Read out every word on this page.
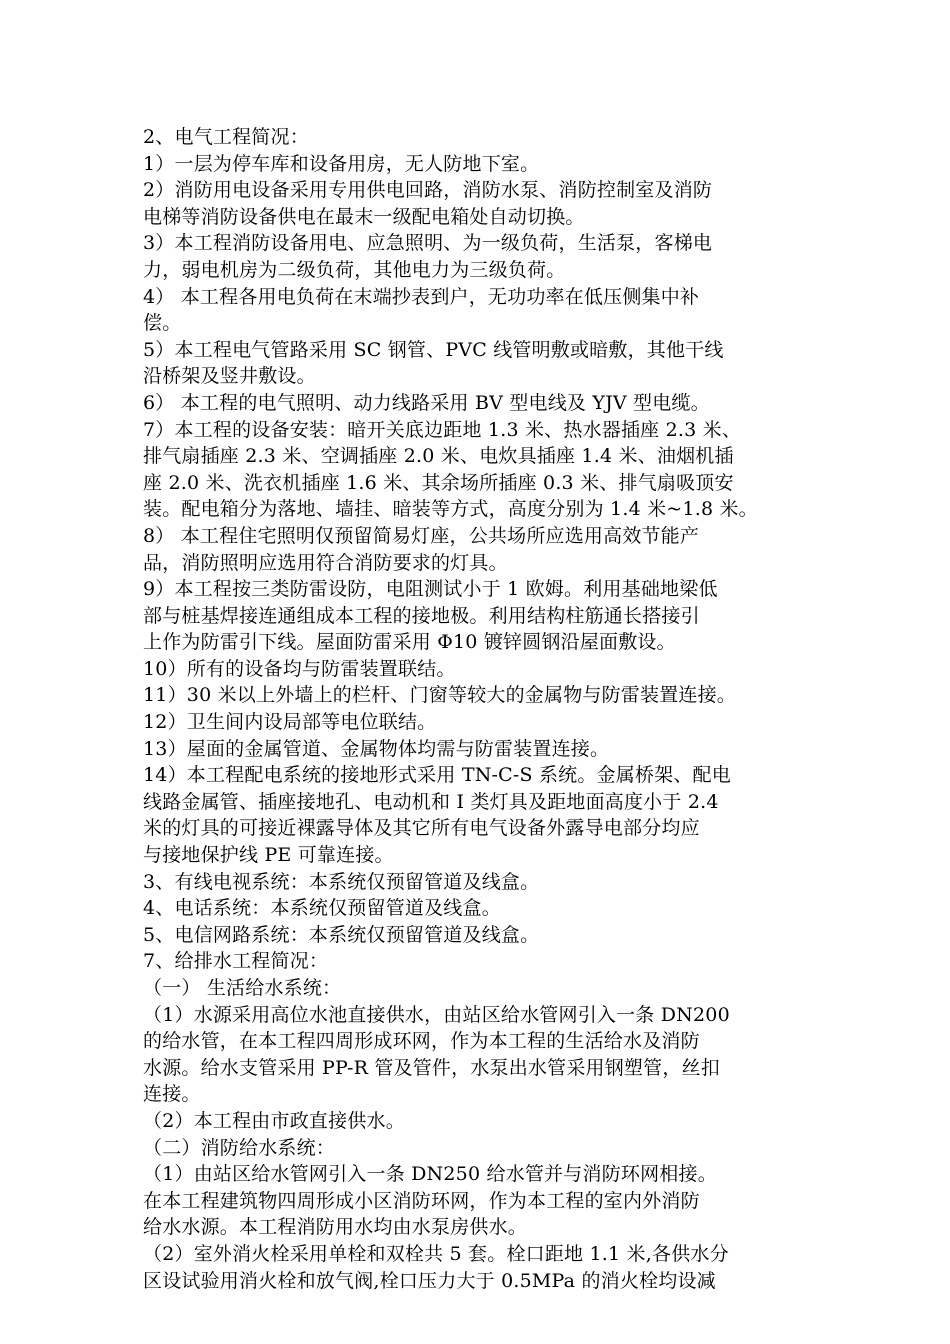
2、电气工程简况：
1）一层为停车库和设备用房，无人防地下室。
2）消防用电设备采用专用供电回路，消防水泵、消防控制室及消防
电梯等消防设备供电在最末一级配电箱处自动切换。
3）本工程消防设备用电、应急照明、为一级负荷，生活泵，客梯电
力，弱电机房为二级负荷，其他电力为三级负荷。
4） 本工程各用电负荷在末端抄表到户，无功功率在低压侧集中补
偿。
5）本工程电气管路采用 SC 钢管、PVC 线管明敷或暗敷，其他干线
沿桥架及竖井敷设。
6） 本工程的电气照明、动力线路采用 BV 型电线及 YJV 型电缆。
7）本工程的设备安装：暗开关底边距地 1.3 米、热水器插座 2.3 米、
排气扇插座 2.3 米、空调插座 2.0 米、电炊具插座 1.4 米、油烟机插
座 2.0 米、洗衣机插座 1.6 米、其余场所插座 0.3 米、排气扇吸顶安
装。配电箱分为落地、墙挂、暗装等方式，高度分别为 1.4 米~1.8 米。
8） 本工程住宅照明仅预留简易灯座，公共场所应选用高效节能产
品，消防照明应选用符合消防要求的灯具。
9）本工程按三类防雷设防，电阻测试小于 1 欧姆。利用基础地梁低
部与桩基焊接连通组成本工程的接地极。利用结构柱筋通长搭接引
上作为防雷引下线。屋面防雷采用 Φ10 镀锌圆钢沿屋面敷设。
10）所有的设备均与防雷装置联结。
11）30 米以上外墙上的栏杆、门窗等较大的金属物与防雷装置连接。
12）卫生间内设局部等电位联结。
13）屋面的金属管道、金属物体均需与防雷装置连接。
14）本工程配电系统的接地形式采用 TN-C-S 系统。金属桥架、配电
线路金属管、插座接地孔、电动机和 I 类灯具及距地面高度小于 2.4
米的灯具的可接近裸露导体及其它所有电气设备外露导电部分均应
与接地保护线 PE 可靠连接。
3、有线电视系统：本系统仅预留管道及线盒。
4、电话系统：本系统仅预留管道及线盒。
5、电信网路系统：本系统仅预留管道及线盒。
7、给排水工程简况：
（一） 生活给水系统：
（1）水源采用高位水池直接供水，由站区给水管网引入一条 DN200
的给水管，在本工程四周形成环网，作为本工程的生活给水及消防
水源。给水支管采用 PP-R 管及管件，水泵出水管采用钢塑管，丝扣
连接。
（2）本工程由市政直接供水。
（二）消防给水系统：
（1）由站区给水管网引入一条 DN250 给水管并与消防环网相接。
在本工程建筑物四周形成小区消防环网，作为本工程的室内外消防
给水水源。本工程消防用水均由水泵房供水。
（2）室外消火栓采用单栓和双栓共 5 套。栓口距地 1.1 米,各供水分
区设试验用消火栓和放气阀,栓口压力大于 0.5MPa 的消火栓均设减
